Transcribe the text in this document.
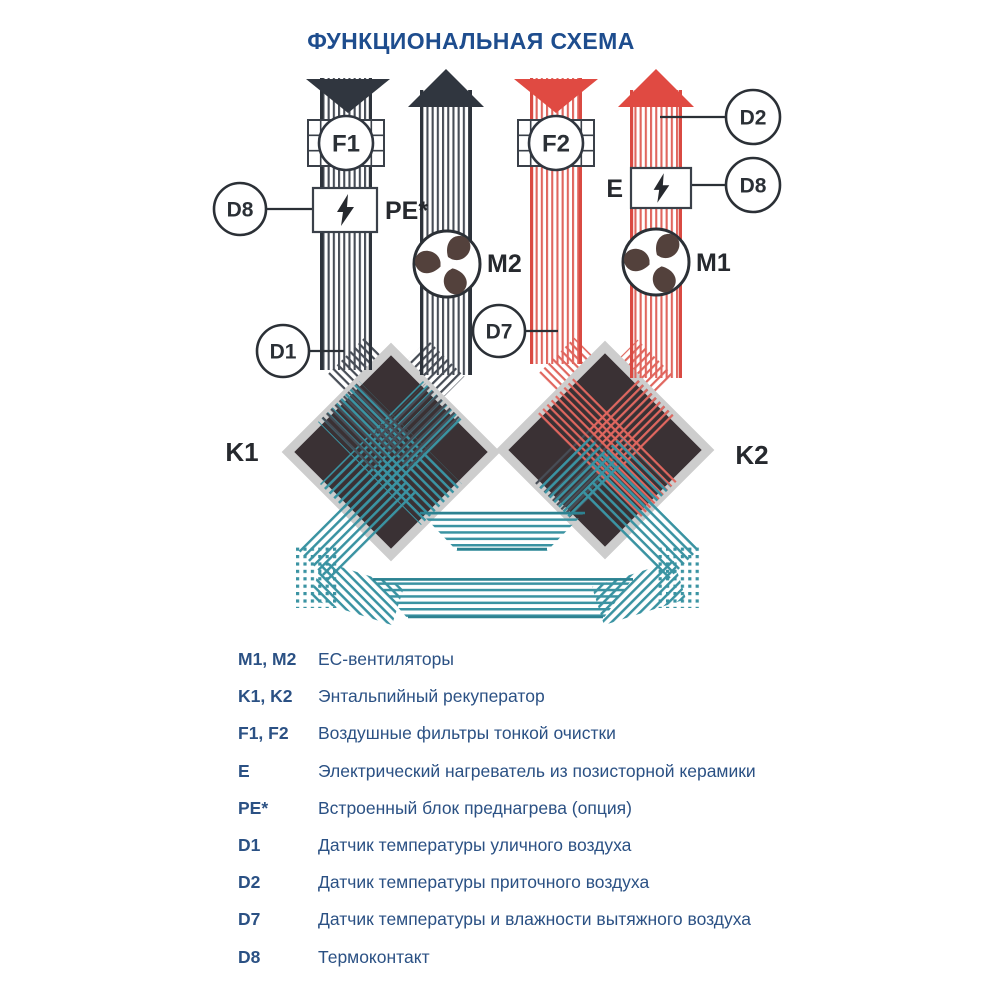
ФУНКЦИОНАЛЬНАЯ СХЕМА
F1	F2
PE*
E
M2	M1
D8
D1
D7
D2
D8
K1	K2
M1, M2	EC-вентиляторы
K1, K2	Энтальпийный рекуператор
F1, F2	Воздушные фильтры тонкой очистки
E	Электрический нагреватель из позисторной керамики
PE*	Встроенный блок преднагрева (опция)
D1	Датчик температуры уличного воздуха
D2	Датчик температуры приточного воздуха
D7	Датчик температуры и влажности вытяжного воздуха
D8	Термоконтакт
